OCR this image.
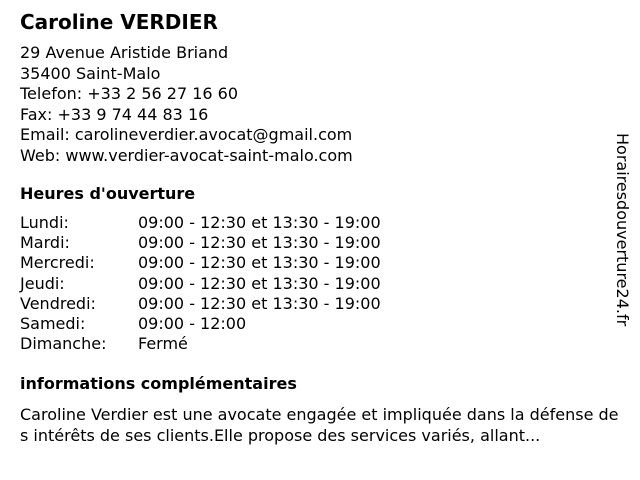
Caroline VERDIER
29 Avenue Aristide Briand
35400 Saint-Malo
Telefon: +33 2 56 27 16 60
Fax: +33 9 74 44 83 16
Email: carolineverdier.avocat@gmail.com
Web: www.verdier-avocat-saint-malo.com
Heures d'ouverture
Lundi:	09:00 - 12:30 et 13:30 - 19:00
Mardi:	09:00 - 12:30 et 13:30 - 19:00
Mercredi:	09:00 - 12:30 et 13:30 - 19:00
Jeudi:	09:00 - 12:30 et 13:30 - 19:00
Vendredi:	09:00 - 12:30 et 13:30 - 19:00
Samedi:	09:00 - 12:00
Dimanche:	Fermé
informations complémentaires
Caroline Verdier est une avocate engagée et impliquée dans la défense des intérêts de ses clients.Elle propose des services variés, allant...
Horairesdouverture24.fr
